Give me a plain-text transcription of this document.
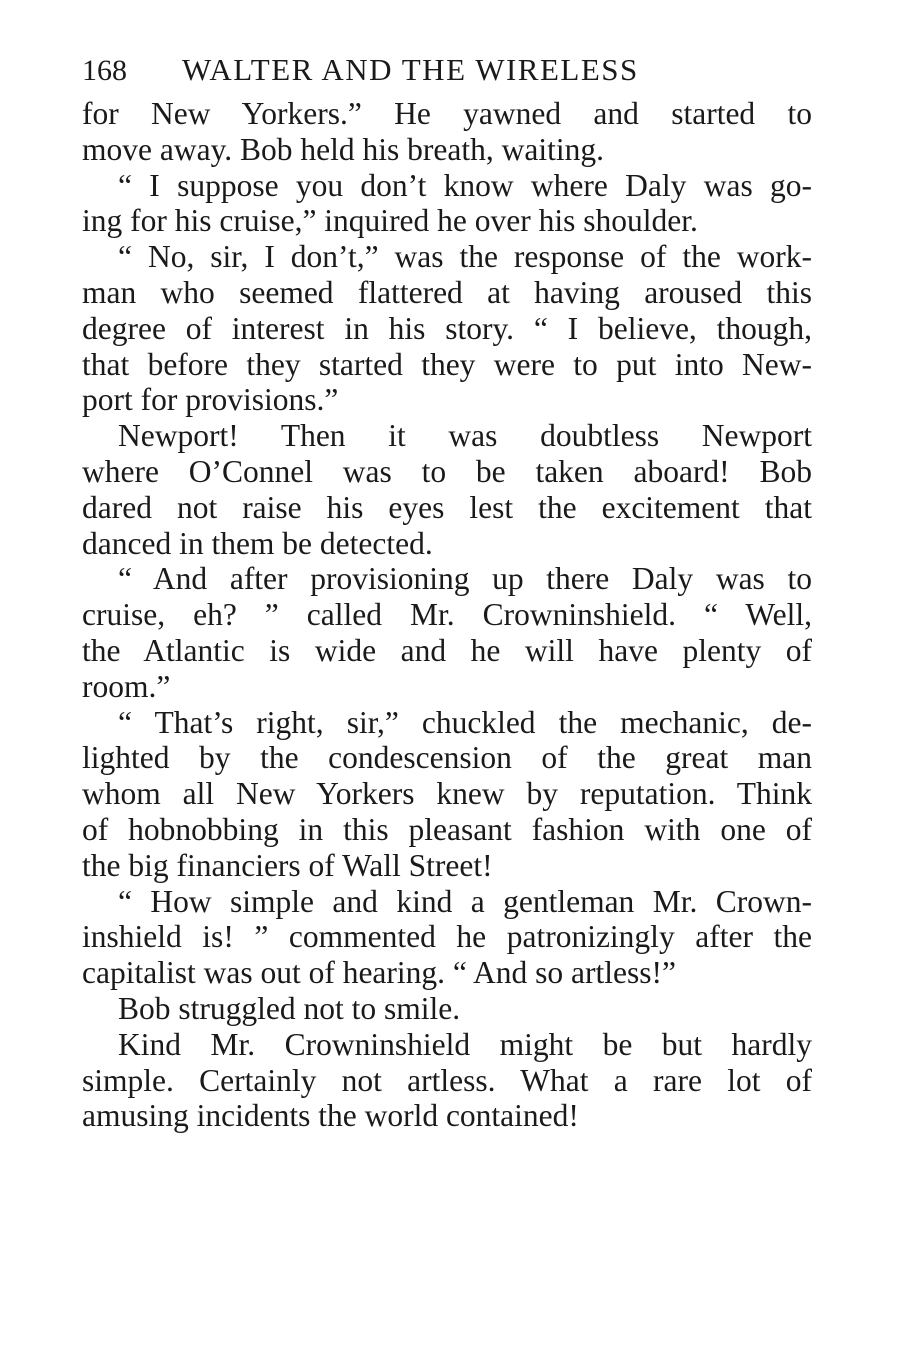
168	WALTER AND THE WIRELESS

for New Yorkers.” He yawned and started to
move away. Bob held his breath, waiting.

“ I suppose you don’t know where Daly was go-
ing for his cruise,” inquired he over his shoulder.

“ No, sir, I don’t,” was the response of the work-
man who seemed flattered at having aroused this
degree of interest in his story. “ I believe, though,
that before they started they were to put into New-
port for provisions.”

Newport! Then it was doubtless Newport
where O’Connel was to be taken aboard! Bob
dared not raise his eyes lest the excitement that
danced in them be detected.

“ And after provisioning up there Daly was to
cruise, eh? ” called Mr. Crowninshield. “ Well,
the Atlantic is wide and he will have plenty of
room.”

“ That’s right, sir,” chuckled the mechanic, de-
lighted by the condescension of the great man
whom all New Yorkers knew by reputation. Think
of hobnobbing in this pleasant fashion with one of
the big financiers of Wall Street!

“ How simple and kind a gentleman Mr. Crown-
inshield is! ” commented he patronizingly after the
capitalist was out of hearing. “ And so artless!”

Bob struggled not to smile.

Kind Mr. Crowninshield might be but hardly
simple. Certainly not artless. What a rare lot of
amusing incidents the world contained!
